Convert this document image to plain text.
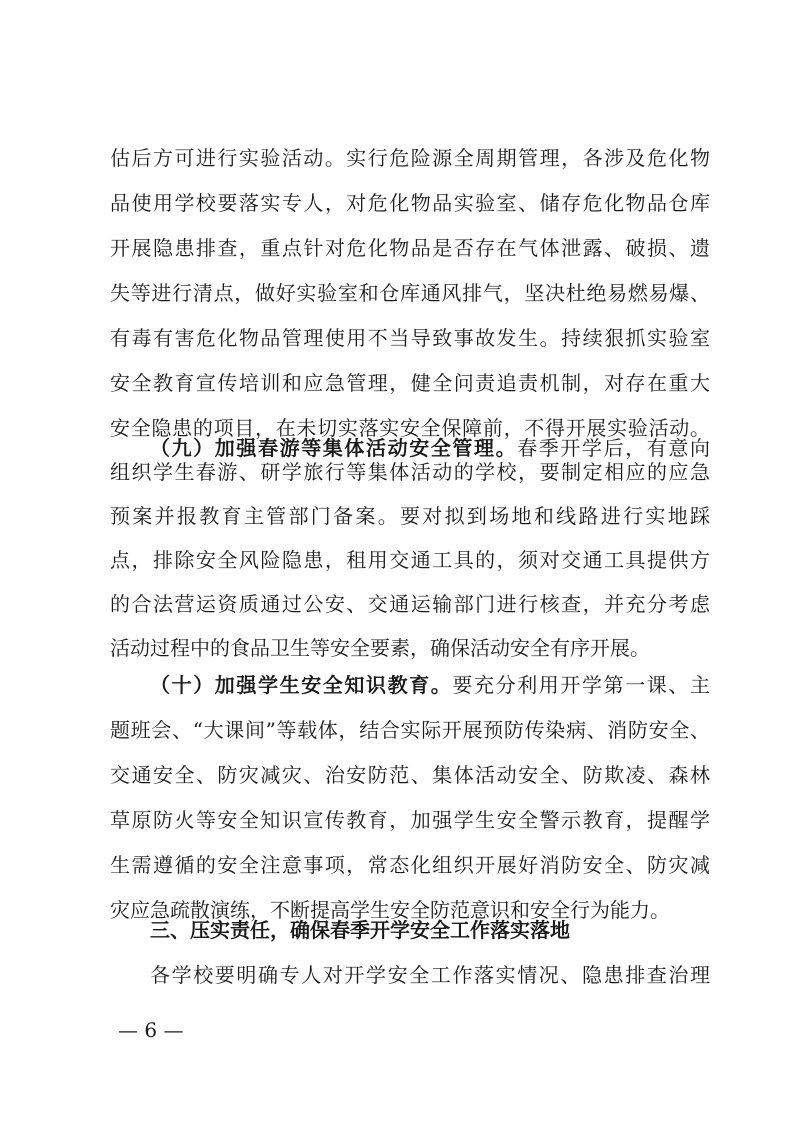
估后方可进行实验活动。实行危险源全周期管理，各涉及危化物
品使用学校要落实专人，对危化物品实验室、储存危化物品仓库
开展隐患排查，重点针对危化物品是否存在气体泄露、破损、遗
失等进行清点，做好实验室和仓库通风排气，坚决杜绝易燃易爆、
有毒有害危化物品管理使用不当导致事故发生。持续狠抓实验室
安全教育宣传培训和应急管理，健全问责追责机制，对存在重大
安全隐患的项目，在未切实落实安全保障前，不得开展实验活动。
（九）加强春游等集体活动安全管理。春季开学后，有意向
组织学生春游、研学旅行等集体活动的学校，要制定相应的应急
预案并报教育主管部门备案。要对拟到场地和线路进行实地踩
点，排除安全风险隐患，租用交通工具的，须对交通工具提供方
的合法营运资质通过公安、交通运输部门进行核查，并充分考虑
活动过程中的食品卫生等安全要素，确保活动安全有序开展。
（十）加强学生安全知识教育。要充分利用开学第一课、主
题班会、“大课间”等载体，结合实际开展预防传染病、消防安全、
交通安全、防灾减灾、治安防范、集体活动安全、防欺凌、森林
草原防火等安全知识宣传教育，加强学生安全警示教育，提醒学
生需遵循的安全注意事项，常态化组织开展好消防安全、防灾减
灾应急疏散演练，不断提高学生安全防范意识和安全行为能力。
— 6 —
三、压实责任，确保春季开学安全工作落实落地
各学校要明确专人对开学安全工作落实情况、隐患排查治理
